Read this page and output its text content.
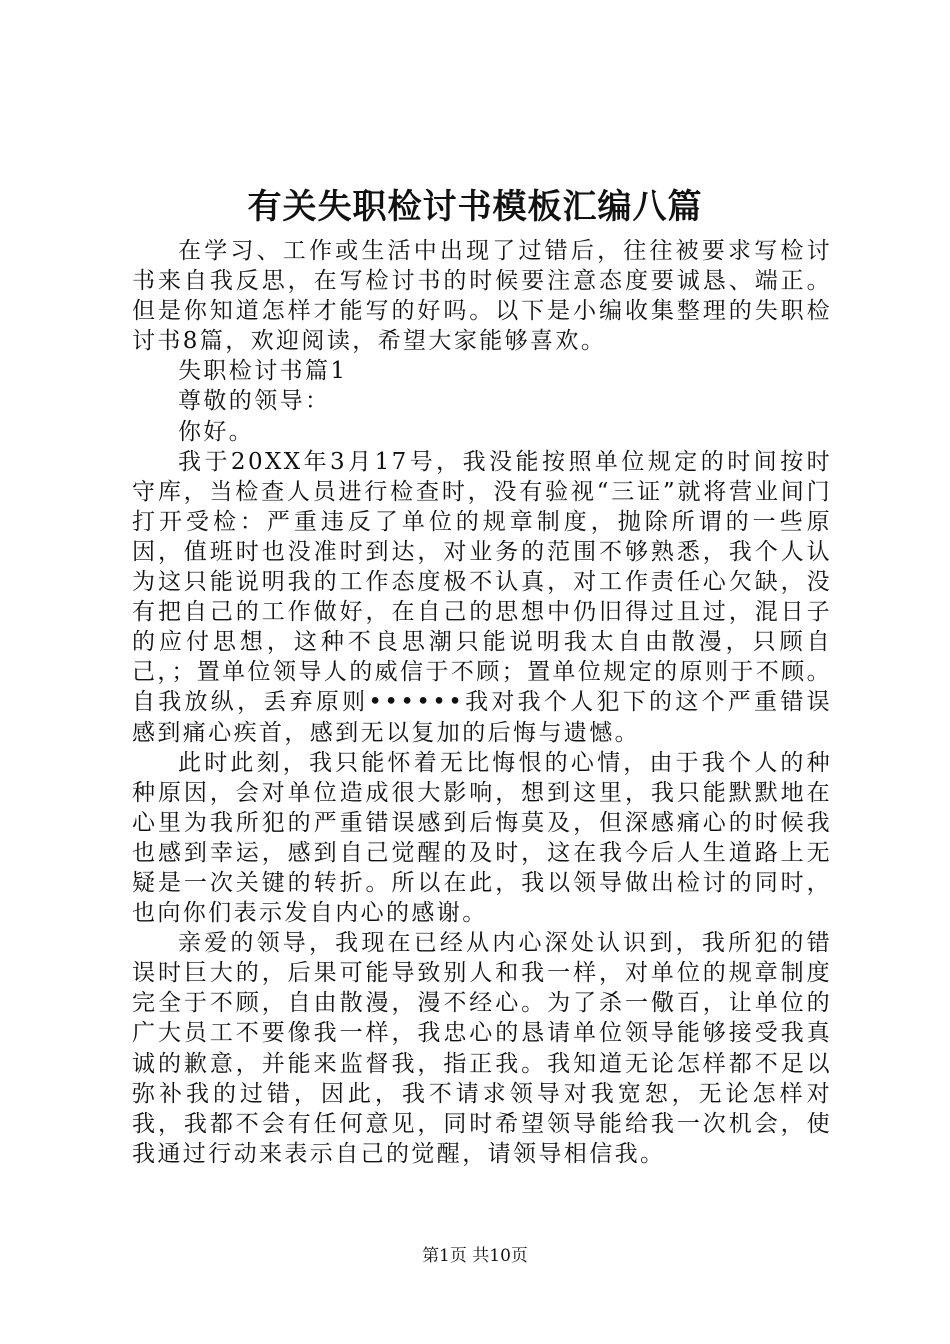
有关失职检讨书模板汇编八篇

在学习、工作或生活中出现了过错后，往往被要求写检讨书来自我反思，在写检讨书的时候要注意态度要诚恳、端正。但是你知道怎样才能写的好吗。以下是小编收集整理的失职检讨书8篇，欢迎阅读，希望大家能够喜欢。

失职检讨书篇1

尊敬的领导：

你好。

我于20XX年3月17号，我没能按照单位规定的时间按时守库，当检查人员进行检查时，没有验视“三证”就将营业间门打开受检：严重违反了单位的规章制度，抛除所谓的一些原因，值班时也没准时到达，对业务的范围不够熟悉，我个人认为这只能说明我的工作态度极不认真，对工作责任心欠缺，没有把自己的工作做好，在自己的思想中仍旧得过且过，混日子的应付思想，这种不良思潮只能说明我太自由散漫，只顾自己，；置单位领导人的威信于不顾；置单位规定的原则于不顾。自我放纵，丢弃原则••••••我对我个人犯下的这个严重错误感到痛心疾首，感到无以复加的后悔与遗憾。

此时此刻，我只能怀着无比悔恨的心情，由于我个人的种种原因，会对单位造成很大影响，想到这里，我只能默默地在心里为我所犯的严重错误感到后悔莫及，但深感痛心的时候我也感到幸运，感到自己觉醒的及时，这在我今后人生道路上无疑是一次关键的转折。所以在此，我以领导做出检讨的同时，也向你们表示发自内心的感谢。

亲爱的领导，我现在已经从内心深处认识到，我所犯的错误时巨大的，后果可能导致别人和我一样，对单位的规章制度完全于不顾，自由散漫，漫不经心。为了杀一儆百，让单位的广大员工不要像我一样，我忠心的恳请单位领导能够接受我真诚的歉意，并能来监督我，指正我。我知道无论怎样都不足以弥补我的过错，因此，我不请求领导对我宽恕，无论怎样对我，我都不会有任何意见，同时希望领导能给我一次机会，使我通过行动来表示自己的觉醒，请领导相信我。

第1页 共10页
